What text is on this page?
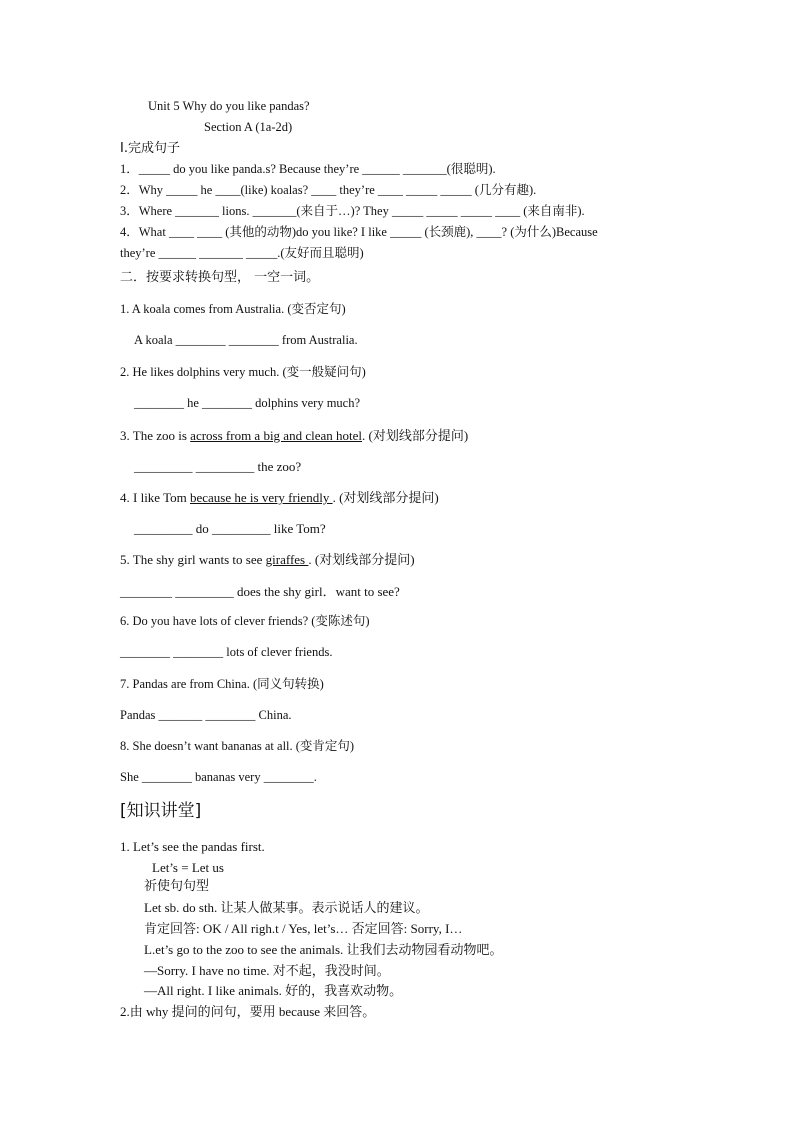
Unit 5 Why do you like pandas?
Section A (1a-2d)
I.完成句子
1．_____ do you like panda.s? Because they’re ______ _______(很聪明).
2．Why _____ he ____(like) koalas? ____ they’re ____ _____ _____ (几分有趣).
3．Where _______ lions. _______(来自于…)? They _____ _____ _____ ____ (来自南非).
4．What ____ ____ (其他的动物)do you like? I like _____ (长颈鹿), ____? (为什么)Because
they’re ______ _______ _____.(友好而且聪明)
二．按要求转换句型， 一空一词。
1. A koala comes from Australia. (变否定句)
A koala ________ ________ from Australia.
2. He likes dolphins very much. (变一般疑问句)
________ he ________ dolphins very much?
3. The zoo is across from a big and clean hotel. (对划线部分提问)
_________ _________ the zoo?
4. I like Tom because he is very friendly . (对划线部分提问)
_________ do _________ like Tom?
5. The shy girl wants to see giraffes . (对划线部分提问)
________ _________ does the shy girl．want to see?
6. Do you have lots of clever friends? (变陈述句)
________ ________ lots of clever friends.
7. Pandas are from China. (同义句转换)
Pandas _______ ________ China.
8. She doesn’t want bananas at all. (变肯定句)
She ________ bananas very ________.
[知识讲堂]
1. Let’s see the pandas first.
Let’s = Let us
祈使句句型
Let sb. do sth. 让某人做某事。表示说话人的建议。
肯定回答: OK / All righ.t / Yes, let’s… 否定回答: Sorry, I…
L.et’s go to the zoo to see the animals. 让我们去动物园看动物吧。
—Sorry. I have no time. 对不起，我没时间。
—All right. I like animals. 好的，我喜欢动物。
2.由 why 提问的问句，要用 because 来回答。
